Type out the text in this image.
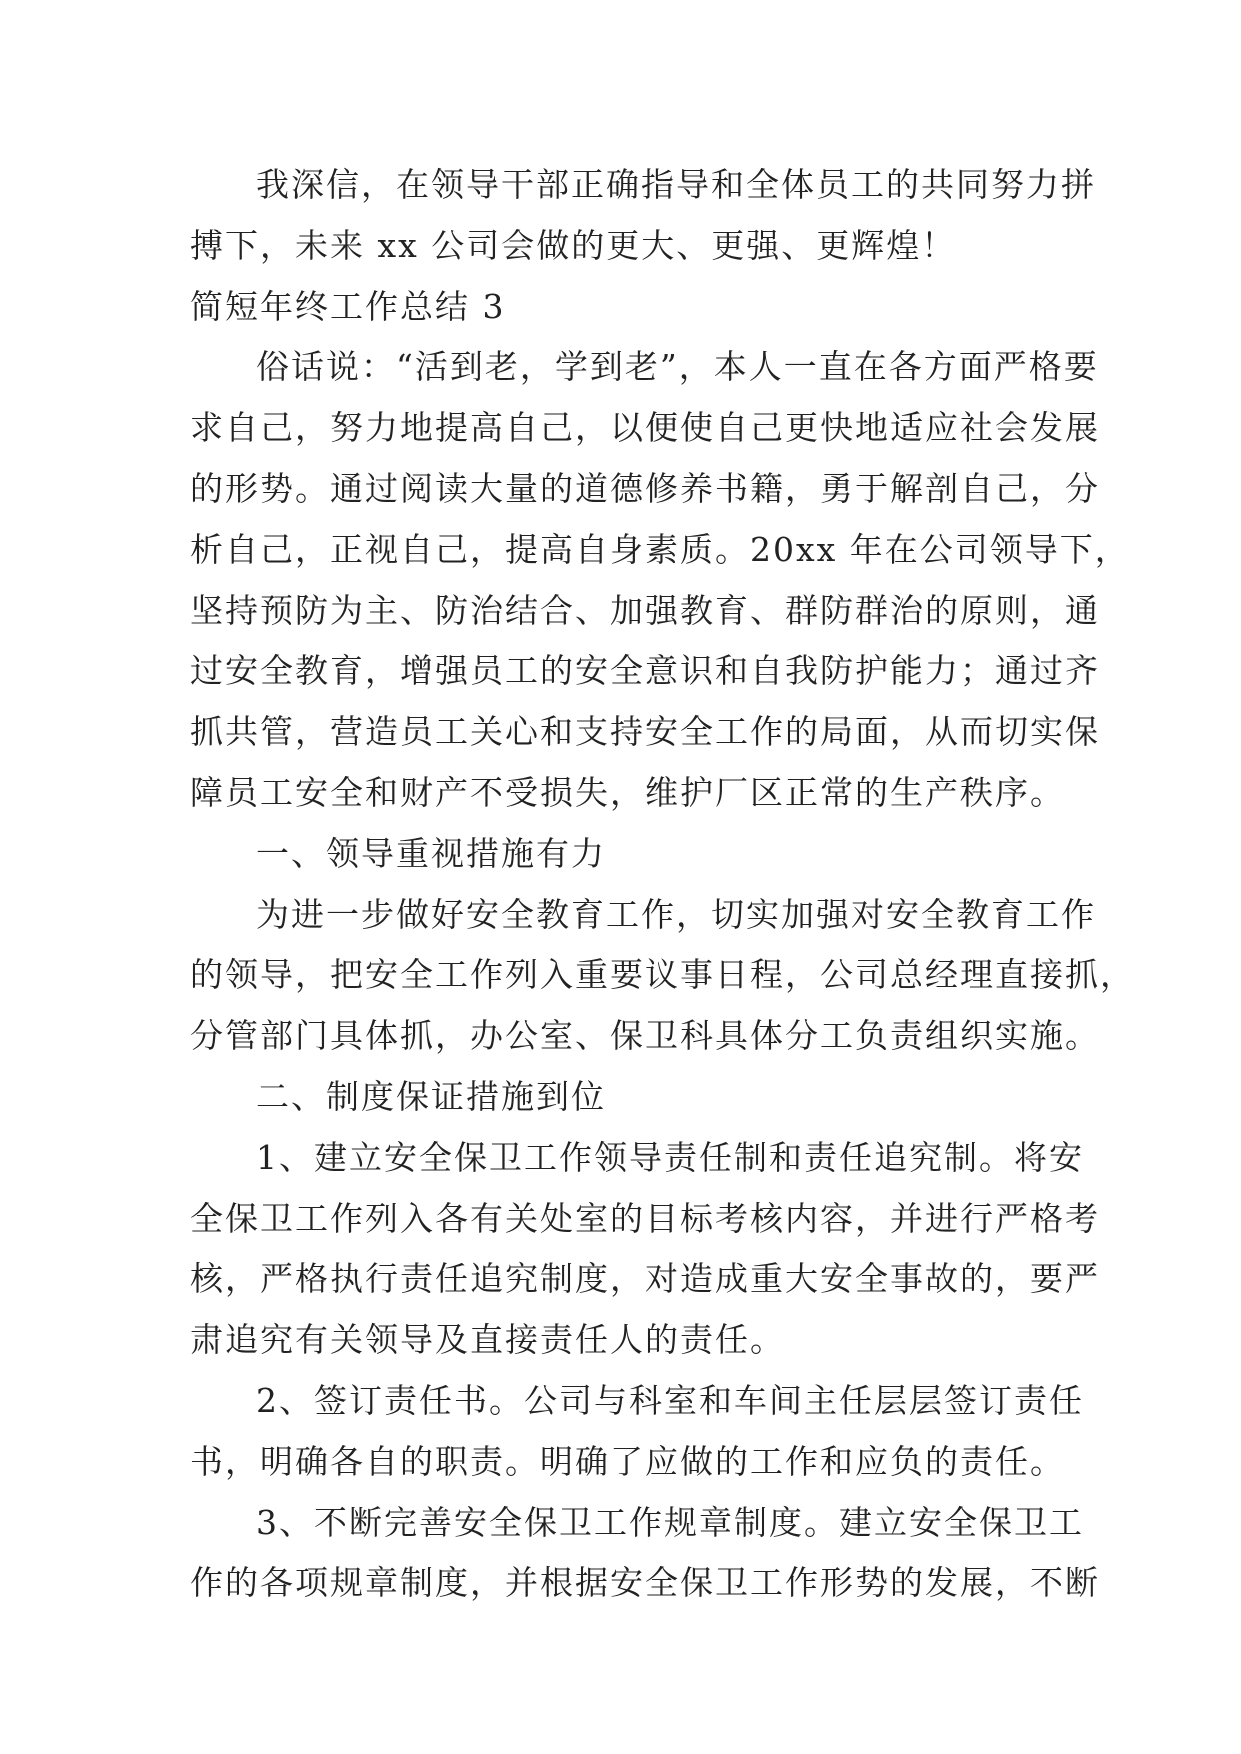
我深信，在领导干部正确指导和全体员工的共同努力拼
搏下，未来 xx 公司会做的更大、更强、更辉煌！
简短年终工作总结 3
俗话说：“活到老，学到老”，本人一直在各方面严格要
求自己，努力地提高自己，以便使自己更快地适应社会发展
的形势。通过阅读大量的道德修养书籍，勇于解剖自己，分
析自己，正视自己，提高自身素质。20xx 年在公司领导下，
坚持预防为主、防治结合、加强教育、群防群治的原则，通
过安全教育，增强员工的安全意识和自我防护能力；通过齐
抓共管，营造员工关心和支持安全工作的局面，从而切实保
障员工安全和财产不受损失，维护厂区正常的生产秩序。
一、领导重视措施有力
为进一步做好安全教育工作，切实加强对安全教育工作
的领导，把安全工作列入重要议事日程，公司总经理直接抓，
分管部门具体抓，办公室、保卫科具体分工负责组织实施。
二、制度保证措施到位
1、建立安全保卫工作领导责任制和责任追究制。将安
全保卫工作列入各有关处室的目标考核内容，并进行严格考
核，严格执行责任追究制度，对造成重大安全事故的，要严
肃追究有关领导及直接责任人的责任。
2、签订责任书。公司与科室和车间主任层层签订责任
书，明确各自的职责。明确了应做的工作和应负的责任。
3、不断完善安全保卫工作规章制度。建立安全保卫工
作的各项规章制度，并根据安全保卫工作形势的发展，不断
